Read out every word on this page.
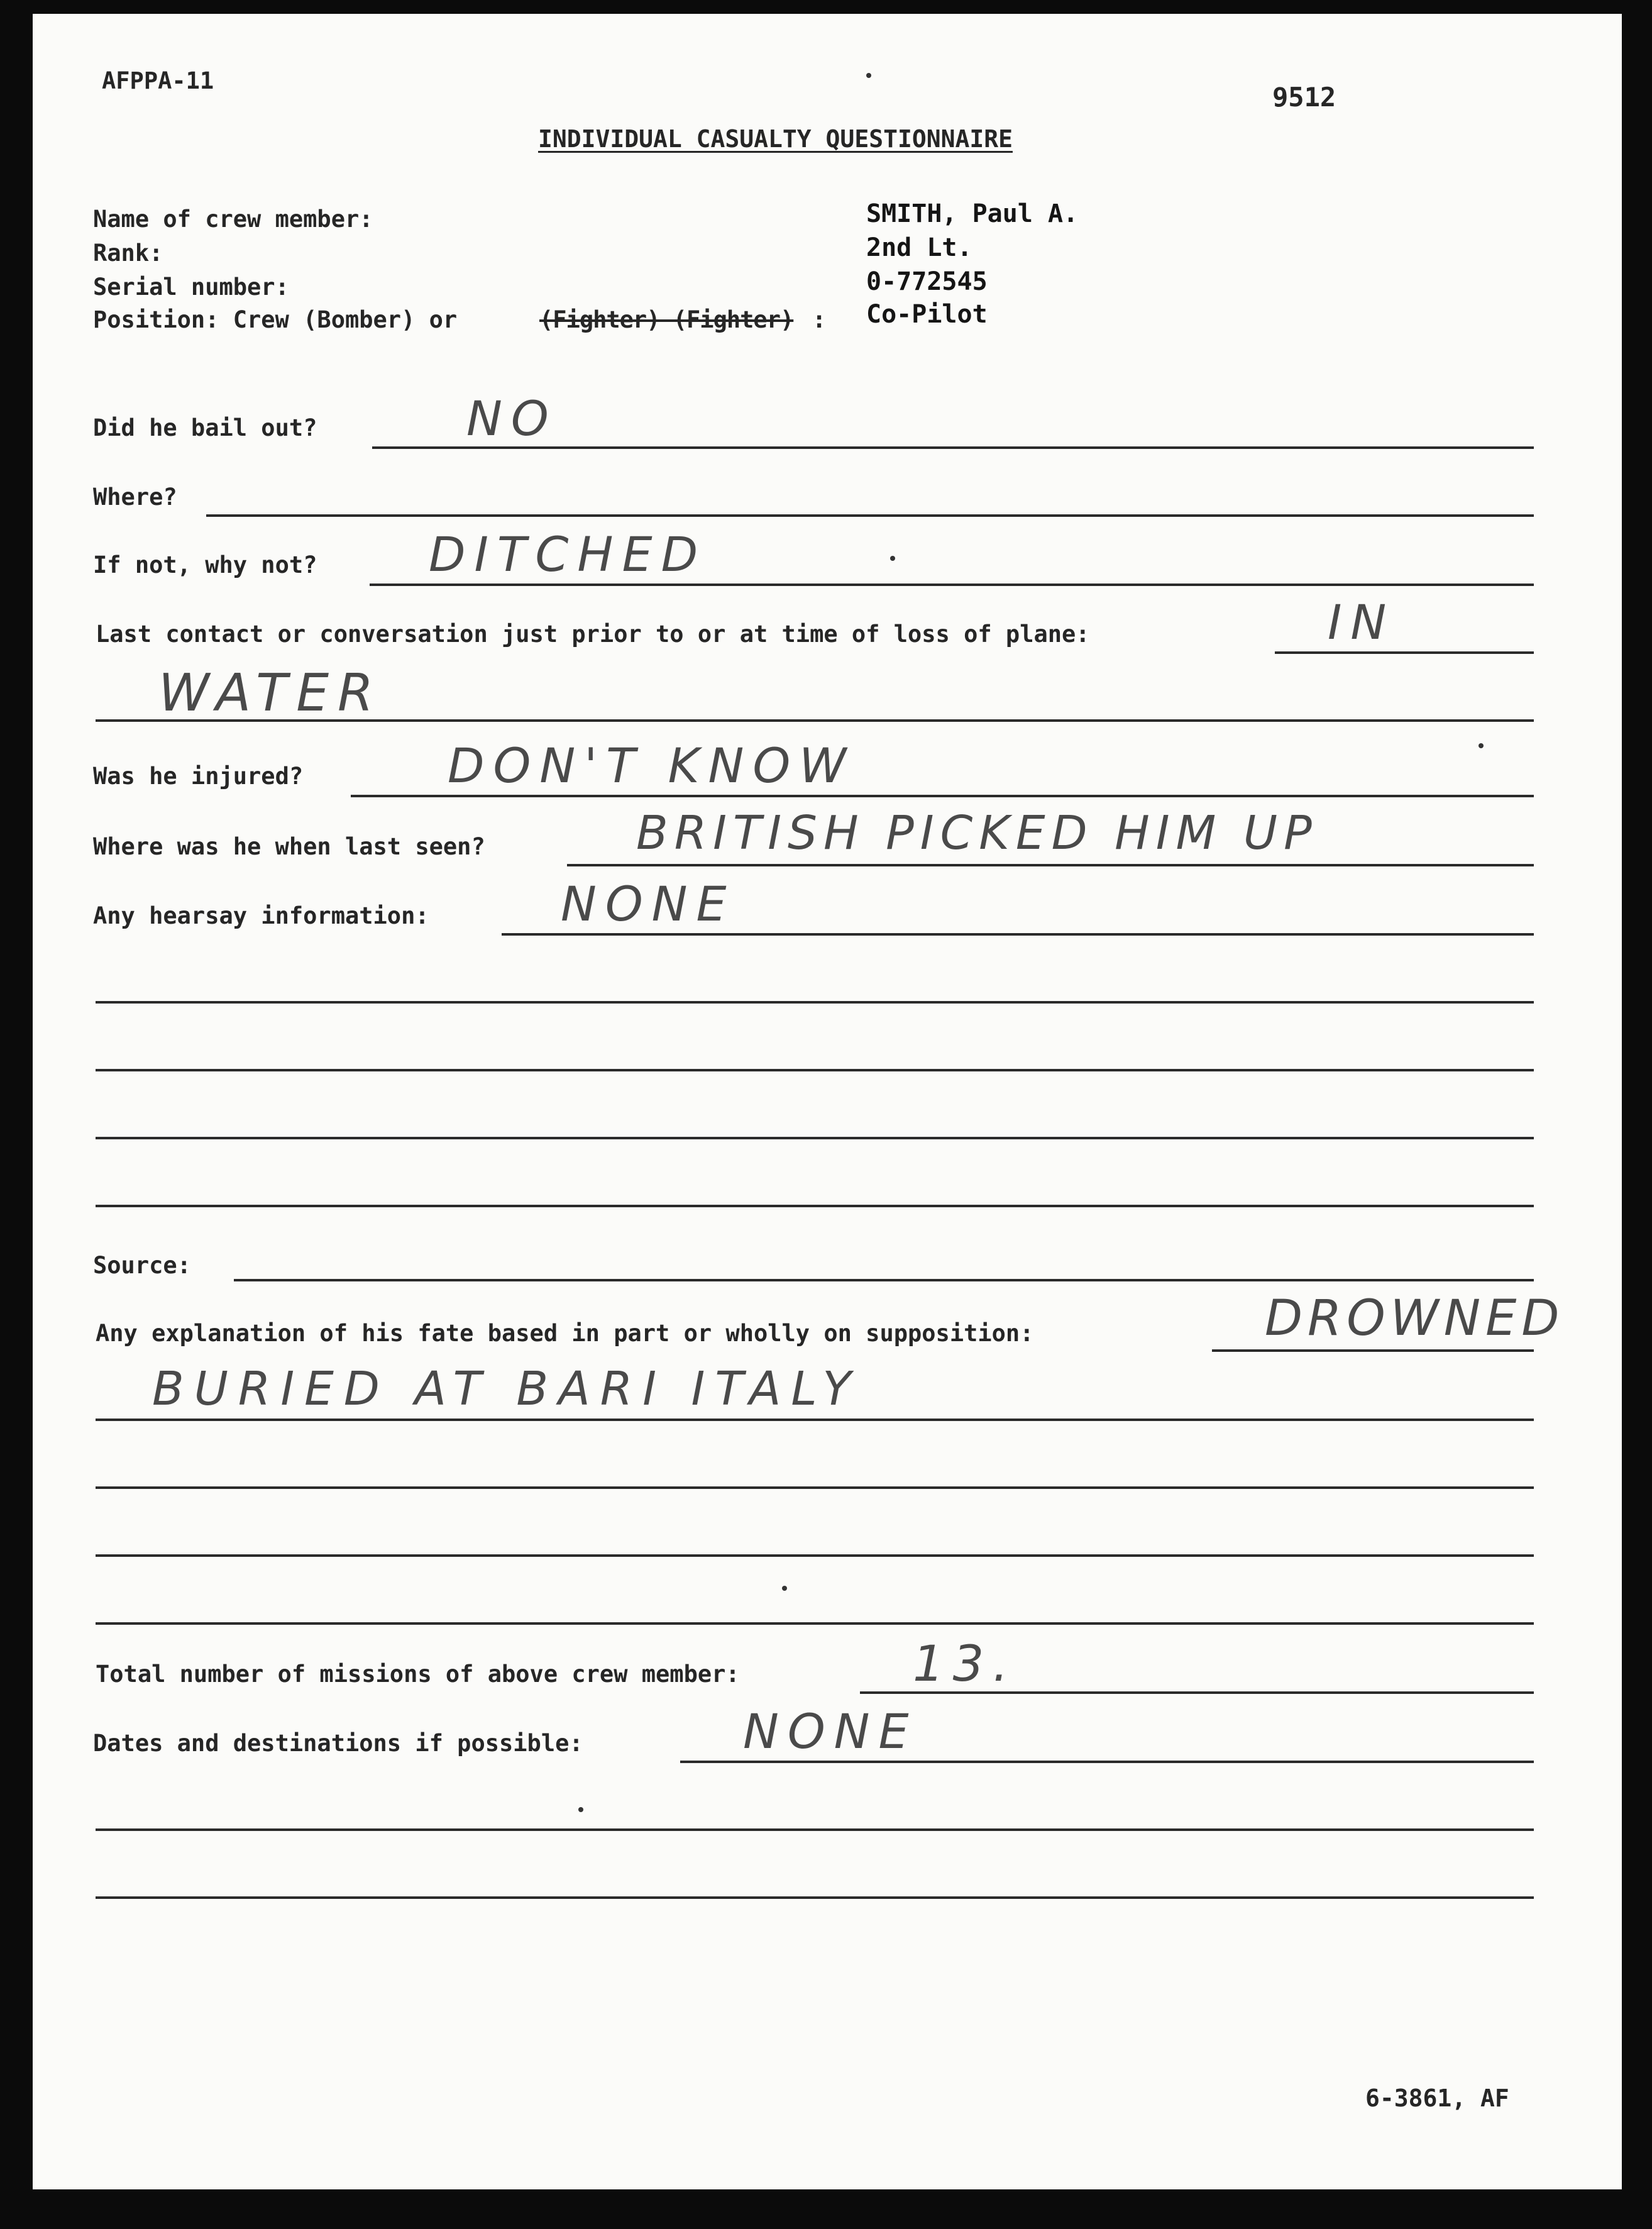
AFPPA-11
9512
INDIVIDUAL CASUALTY QUESTIONNAIRE
Name of crew member:	SMITH, Paul A.
Rank:	2nd Lt.
Serial number:	0-772545
Position: Crew (Bomber) or	(Fighter) (Fighter) : Co-Pilot
Did he bail out?	NO
Where?
If not, why not? DITCHED
Last contact or conversation just prior to or at time of loss of plane:	IN
WATER
Was he injured?	DON'T KNOW
Where was he when last seen?	BRITISH PICKED HIM UP
Any hearsay information:	NONE
Source:
Any explanation of his fate based in part or wholly on supposition:	DROWNED
BURIED AT BARI ITALY
Total number of missions of above crew member:	13.
Dates and destinations if possible:	NONE
6-3861, AF
